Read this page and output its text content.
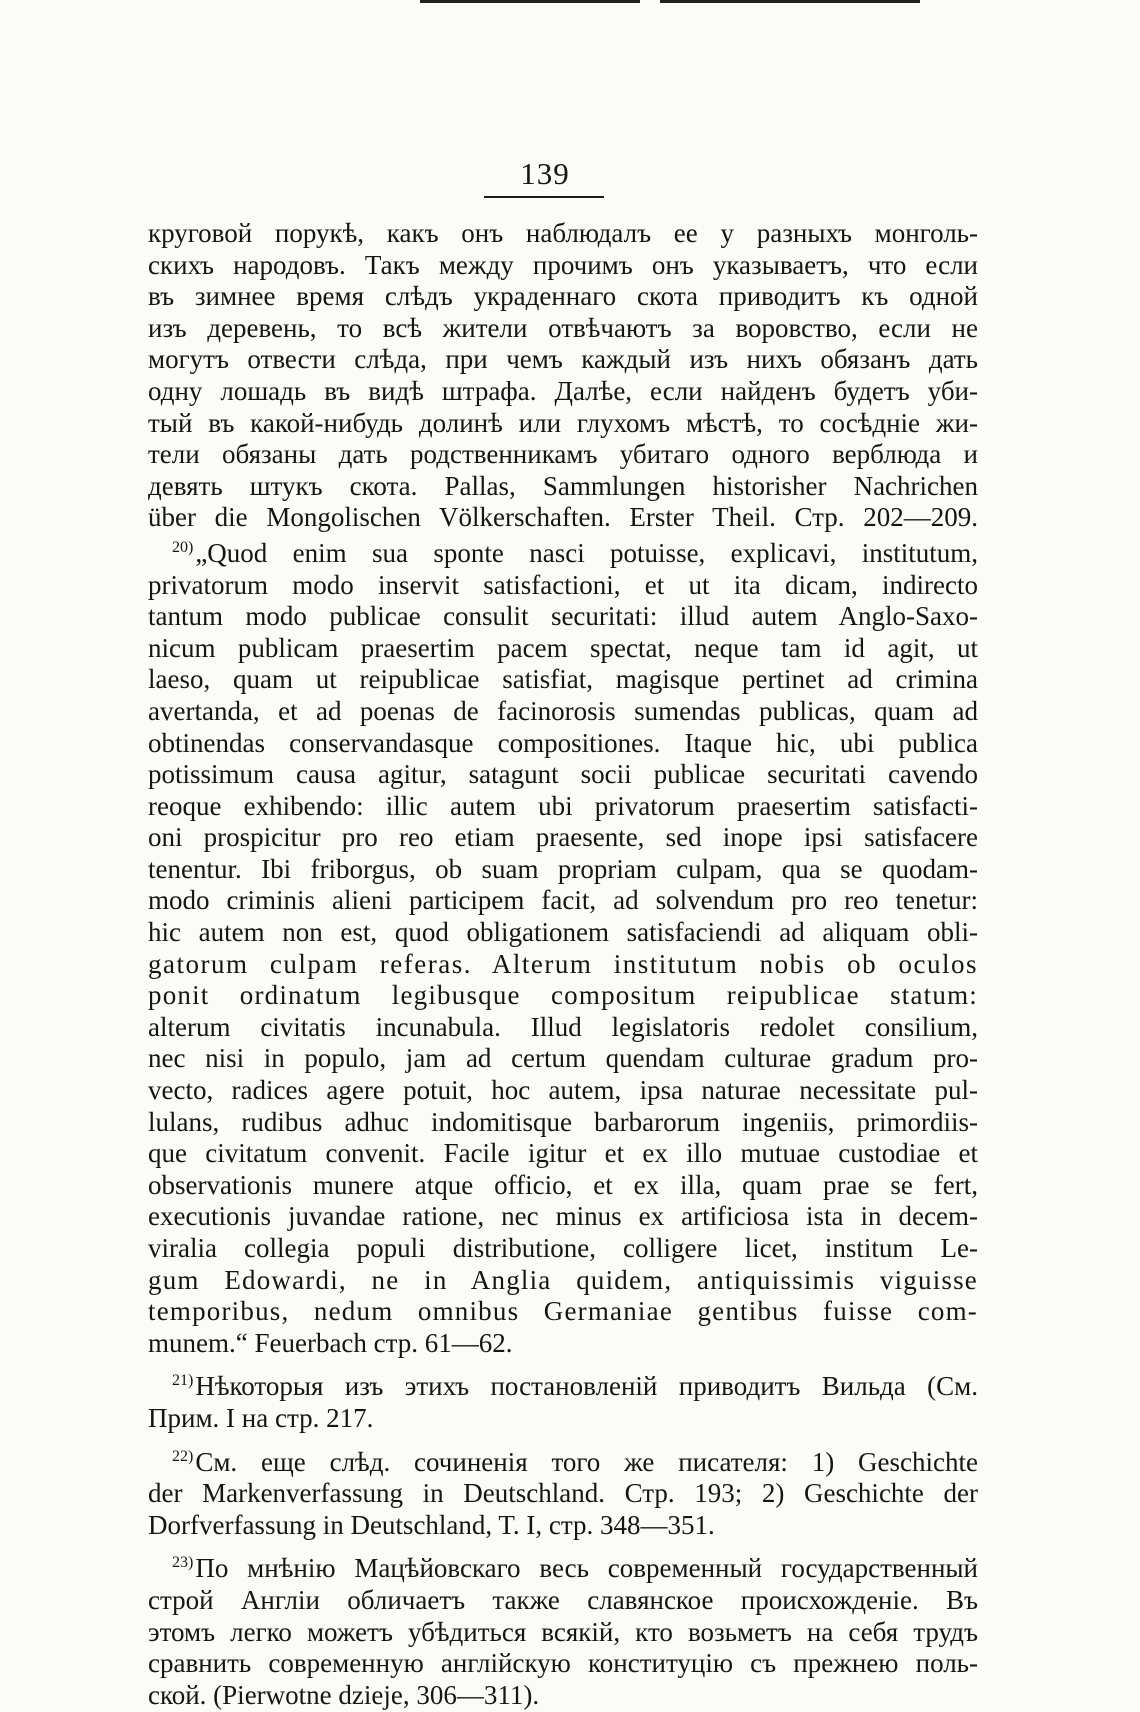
139
круговой порукѣ, какъ онъ наблюдалъ ее у разныхъ монголь-
скихъ народовъ. Такъ между прочимъ онъ указываетъ, что если
въ зимнее время слѣдъ украденнаго скота приводитъ къ одной
изъ деревень, то всѣ жители отвѣчаютъ за воровство, если не
могутъ отвести слѣда, при чемъ каждый изъ нихъ обязанъ дать
одну лошадь въ видѣ штрафа. Далѣе, если найденъ будетъ уби-
тый въ какой-нибудь долинѣ или глухомъ мѣстѣ, то сосѣдніе жи-
тели обязаны дать родственникамъ убитаго одного верблюда и
девять штукъ скота. Pallas, Sammlungen historisher Nachrichen
über die Mongolischen Völkerschaften. Erster Theil. Стр. 202—209.
$^{20)}$„Quod enim sua sponte nasci potuisse, explicavi, institutum,
privatorum modo inservit satisfactioni, et ut ita dicam, indirecto
tantum modo publicae consulit securitati: illud autem Anglo-Saxo-
nicum publicam praesertim pacem spectat, neque tam id agit, ut
laeso, quam ut reipublicae satisfiat, magisque pertinet ad crimina
avertanda, et ad poenas de facinorosis sumendas publicas, quam ad
obtinendas conservandasque compositiones. Itaque hic, ubi publica
potissimum causa agitur, satagunt socii publicae securitati cavendo
reoque exhibendo: illic autem ubi privatorum praesertim satisfacti-
oni prospicitur pro reo etiam praesente, sed inope ipsi satisfacere
tenentur. Ibi friborgus, ob suam propriam culpam, qua se quodam-
modo criminis alieni participem facit, ad solvendum pro reo tenetur:
hic autem non est, quod obligationem satisfaciendi ad aliquam obli-
gatorum culpam referas. Alterum institutum nobis ob oculos
ponit ordinatum legibusque compositum reipublicae statum:
alterum civitatis incunabula. Illud legislatoris redolet consilium,
nec nisi in populo, jam ad certum quendam culturae gradum pro-
vecto, radices agere potuit, hoc autem, ipsa naturae necessitate pul-
lulans, rudibus adhuc indomitisque barbarorum ingeniis, primordiis-
que civitatum convenit. Facile igitur et ex illo mutuae custodiae et
observationis munere atque officio, et ex illa, quam prae se fert,
executionis juvandae ratione, nec minus ex artificiosa ista in decem-
viralia collegia populi distributione, colligere licet, institum Le-
gum Edowardi, ne in Anglia quidem, antiquissimis viguisse
temporibus, nedum omnibus Germaniae gentibus fuisse com-
munem.“ Feuerbach стр. 61—62.
$^{21)}$Нѣкоторыя изъ этихъ постановленій приводитъ Вильда (См.
Прим. I на стр. 217.
$^{22)}$См. еще слѣд. сочиненія того же писателя: 1) Geschichte
der Markenverfassung in Deutschland. Стр. 193; 2) Geschichte der
Dorfverfassung in Deutschland, T. I, стр. 348—351.
$^{23)}$По мнѣнію Мацѣйовскаго весь современный государственный
строй Англіи обличаетъ также славянское происхожденіе. Въ
этомъ легко можетъ убѣдиться всякій, кто возьметъ на себя трудъ
сравнить современную англійскую конституцію съ прежнею поль-
ской. (Pierwotne dzieje, 306—311).
